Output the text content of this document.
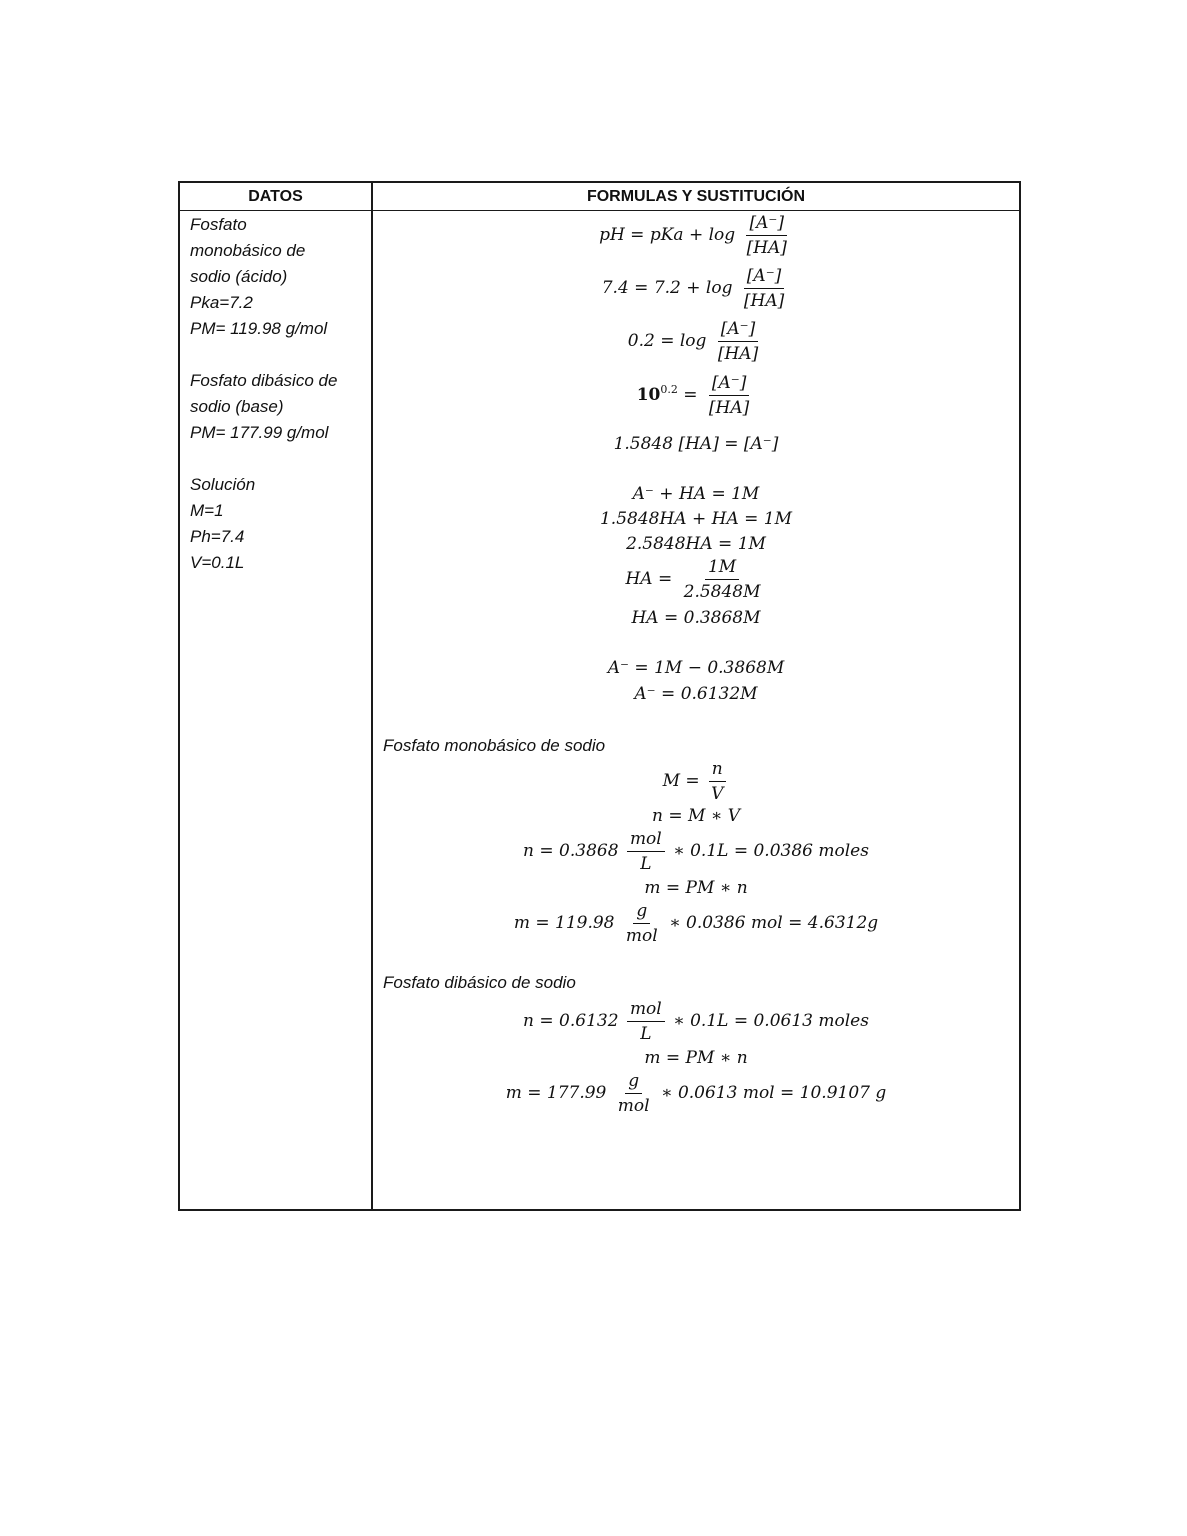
DATOS	FORMULAS Y SUSTITUCIÓN
Fosfato
monobásico de
sodio (ácido)
Pka=7.2
PM= 119.98 g/mol
Fosfato dibásico de
sodio (base)
PM= 177.99 g/mol
Solución
M=1
Ph=7.4
V=0.1L
pH = pKa + $\log \frac{[A^-]}{[HA]}$
$7.4 = 7.2 + \log \frac{[A^-]}{[HA]}$
$0.2 = \log \frac{[A^-]}{[HA]}$
$10^{0.2} = \frac{[A^-]}{[HA]}$
1.5848 [HA] = [A⁻]
A⁻ + HA = 1M
1.5848HA + HA = 1M
2.5848HA = 1M
HA = $\frac{1M}{2.5848M}$
HA = 0.3868M
A⁻ = 1M − 0.3868M
A⁻ = 0.6132M
Fosfato monobásico de sodio
$M = \frac{n}{V}$
n = M ∗ V
$n = 0.3868 \frac{\text{mol}}{L}$ ∗ 0.1L = 0.0386 moles
m = PM ∗ n
$m = 119.98 \frac{g}{\text{mol}}$ ∗ 0.0386 mol = 4.6312g
Fosfato dibásico de sodio
$n = 0.6132 \frac{\text{mol}}{L}$ ∗ 0.1L = 0.0613 moles
m = PM ∗ n
$m = 177.99 \frac{g}{\text{mol}}$ ∗ 0.0613 mol = 10.9107 g
